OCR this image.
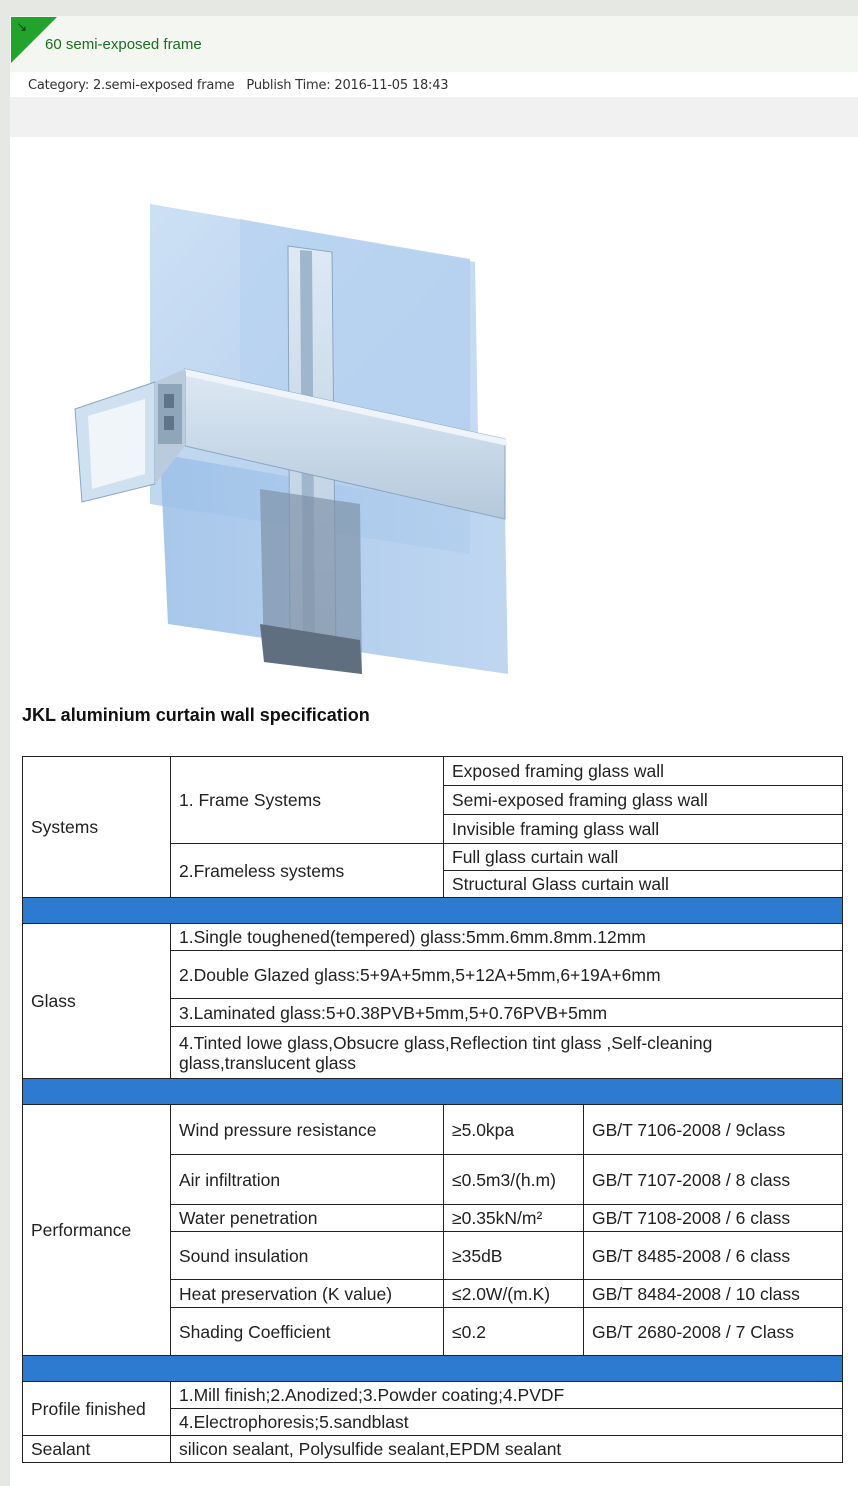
→
60 semi-exposed frame
Category: 2.semi-exposed frame Publish Time: 2016-11-05 18:43
JKL aluminium curtain wall specification
Systems	1. Frame Systems	Exposed framing glass wall	
		Semi-exposed framing glass wall	
		Invisible framing glass wall	
	2.Frameless systems	Full glass curtain wall	
		Structural Glass curtain wall	

Glass	1.Single toughened(tempered) glass:5mm.6mm.8mm.12mm		
	2.Double Glazed glass:5+9A+5mm,5+12A+5mm,6+19A+6mm		
	3.Laminated glass:5+0.38PVB+5mm,5+0.76PVB+5mm		
	4.Tinted lowe glass,Obsucre glass,Reflection tint glass ,Self-cleaning glass,translucent glass		

Performance	Wind pressure resistance	≥5.0kpa	GB/T 7106-2008 / 9class
	Air infiltration	≤0.5m3/(h.m)	GB/T 7107-2008 / 8 class
	Water penetration	≥0.35kN/m²	GB/T 7108-2008 / 6 class
	Sound insulation	≥35dB	GB/T 8485-2008 / 6 class
	Heat preservation (K value)	≤2.0W/(m.K)	GB/T 8484-2008 / 10 class
	Shading Coefficient	≤0.2	GB/T 2680-2008 / 7 Class

Profile finished	1.Mill finish;2.Anodized;3.Powder coating;4.PVDF		
	4.Electrophoresis;5.sandblast		
Sealant	silicon sealant, Polysulfide sealant,EPDM sealant		
